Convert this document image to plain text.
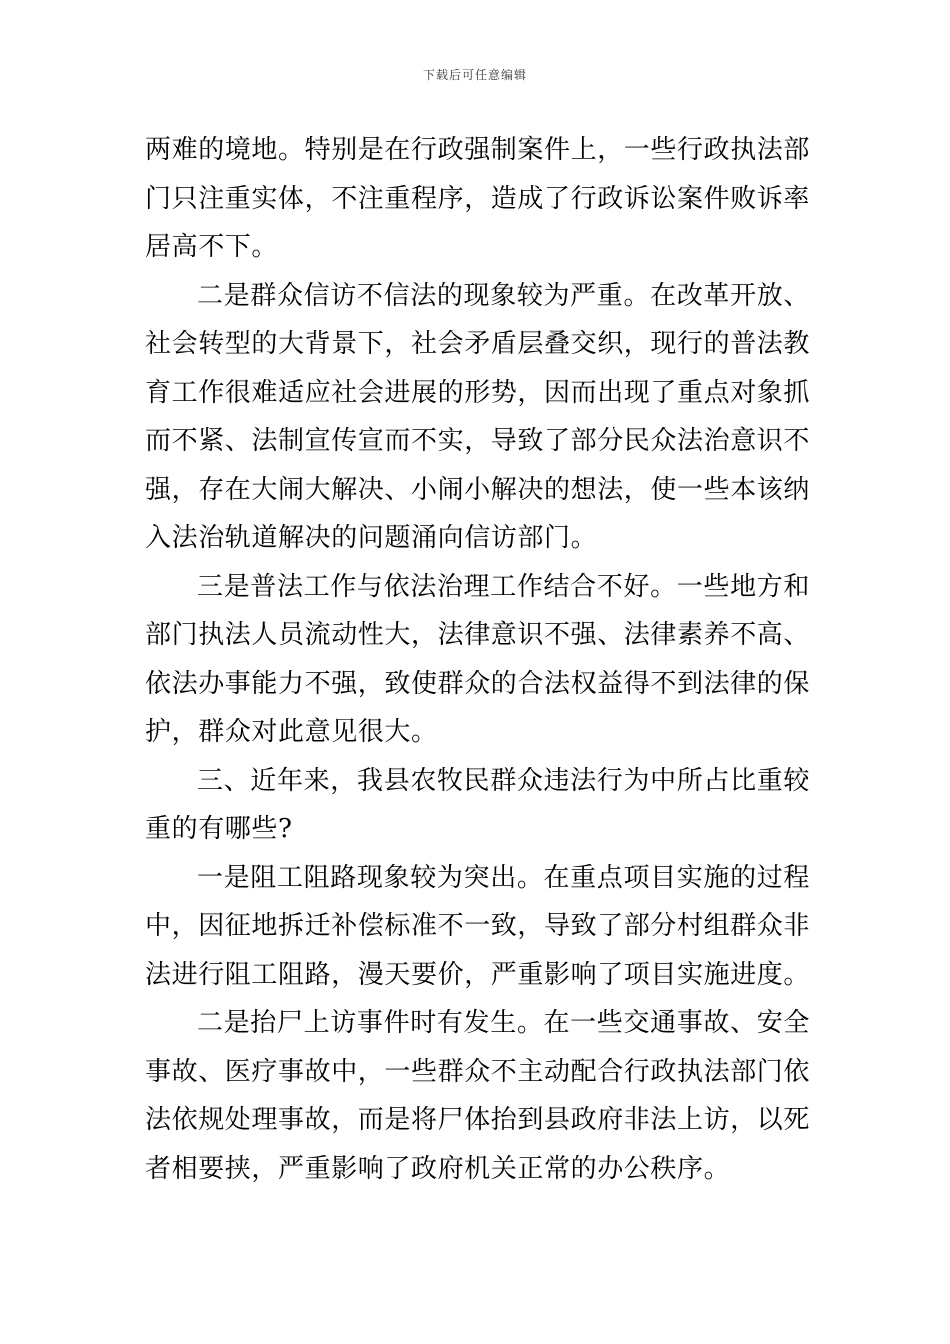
下载后可任意编辑

两难的境地。特别是在行政强制案件上，一些行政执法部门只注重实体，不注重程序，造成了行政诉讼案件败诉率居高不下。

二是群众信访不信法的现象较为严重。在改革开放、社会转型的大背景下，社会矛盾层叠交织，现行的普法教育工作很难适应社会进展的形势，因而出现了重点对象抓而不紧、法制宣传宣而不实，导致了部分民众法治意识不强，存在大闹大解决、小闹小解决的想法，使一些本该纳入法治轨道解决的问题涌向信访部门。

三是普法工作与依法治理工作结合不好。一些地方和部门执法人员流动性大，法律意识不强、法律素养不高、依法办事能力不强，致使群众的合法权益得不到法律的保护，群众对此意见很大。

三、近年来，我县农牧民群众违法行为中所占比重较重的有哪些?

一是阻工阻路现象较为突出。在重点项目实施的过程中，因征地拆迁补偿标准不一致，导致了部分村组群众非法进行阻工阻路，漫天要价，严重影响了项目实施进度。

二是抬尸上访事件时有发生。在一些交通事故、安全事故、医疗事故中，一些群众不主动配合行政执法部门依法依规处理事故，而是将尸体抬到县政府非法上访，以死者相要挟，严重影响了政府机关正常的办公秩序。
